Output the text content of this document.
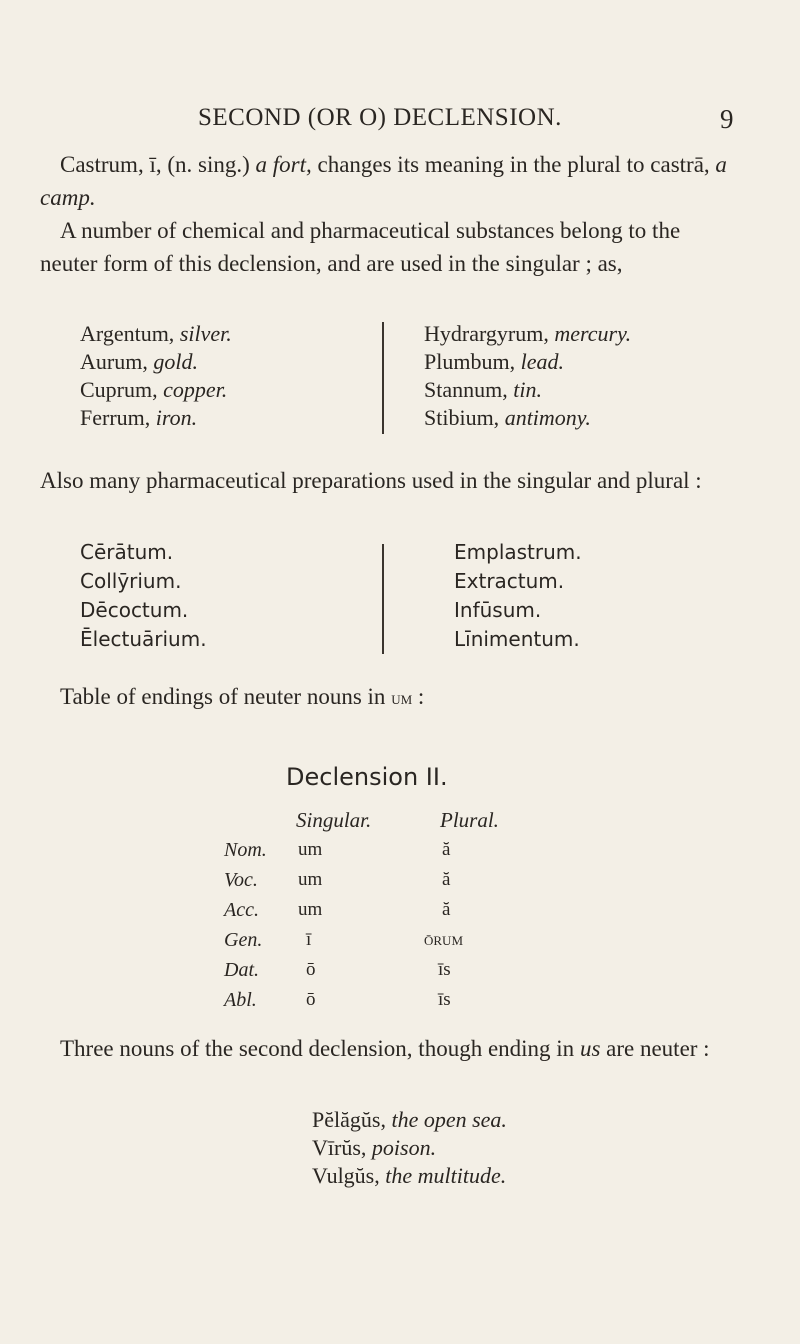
SECOND (OR O) DECLENSION.	9
Castrum, ī, (n. sing.) a fort, changes its meaning in the plural to castrā, a camp.
A number of chemical and pharmaceutical substances belong to the neuter form of this declension, and are used in the singular ; as,
Argentum, silver.
Aurum, gold.
Cuprum, copper.
Ferrum, iron.
Hydrargyrum, mercury.
Plumbum, lead.
Stannum, tin.
Stibium, antimony.
Also many pharmaceutical preparations used in the singular and plural :
Cērātum.
Collȳrium.
Dēcoctum.
Ēlectuārium.
Emplastrum.
Extractum.
Infūsum.
Līnimentum.
Table of endings of neuter nouns in um :
Declension II.
Singular.	Plural.
Nom. um	ă
Voc. um	ă
Acc. um	ă
Gen. ī	ōrum
Dat. ō	īs
Abl.	ō	īs
Three nouns of the second declension, though ending in us are neuter :
Pĕlăgŭs, the open sea.
Vīrŭs, poison.
Vulgŭs, the multitude.
